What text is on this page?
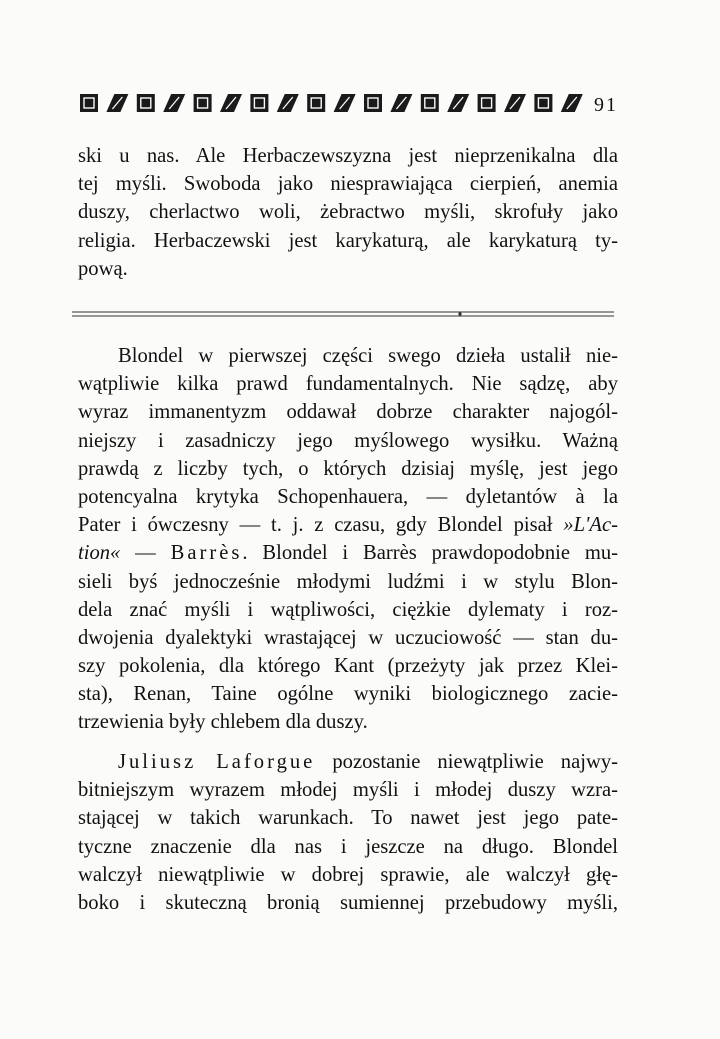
91
ski u nas. Ale Herbaczewszyzna jest nieprzenikalna dla
tej myśli. Swoboda jako niesprawiająca cierpień, anemia
duszy, cherlactwo woli, żebractwo myśli, skrofuły jako
religia. Herbaczewski jest karykaturą, ale karykaturą ty-
pową.
Blondel w pierwszej części swego dzieła ustalił nie-
wątpliwie kilka prawd fundamentalnych. Nie sądzę, aby
wyraz immanentyzm oddawał dobrze charakter najogól-
niejszy i zasadniczy jego myślowego wysiłku. Ważną
prawdą z liczby tych, o których dzisiaj myślę, jest jego
potencyalna krytyka Schopenhauera, — dyletantów à la
Pater i ówczesny — t. j. z czasu, gdy Blondel pisał »L'Ac-
tion« — Barrès. Blondel i Barrès prawdopodobnie mu-
sieli byś jednocześnie młodymi ludźmi i w stylu Blon-
dela znać myśli i wątpliwości, ciężkie dylematy i roz-
dwojenia dyalektyki wrastającej w uczuciowość — stan du-
szy pokolenia, dla którego Kant (przeżyty jak przez Klei-
sta), Renan, Taine ogólne wyniki biologicznego zacie-
trzewienia były chlebem dla duszy.
Juliusz Laforgue pozostanie niewątpliwie najwy-
bitniejszym wyrazem młodej myśli i młodej duszy wzra-
stającej w takich warunkach. To nawet jest jego pate-
tyczne znaczenie dla nas i jeszcze na długo. Blondel
walczył niewątpliwie w dobrej sprawie, ale walczył głę-
boko i skuteczną bronią sumiennej przebudowy myśli,
